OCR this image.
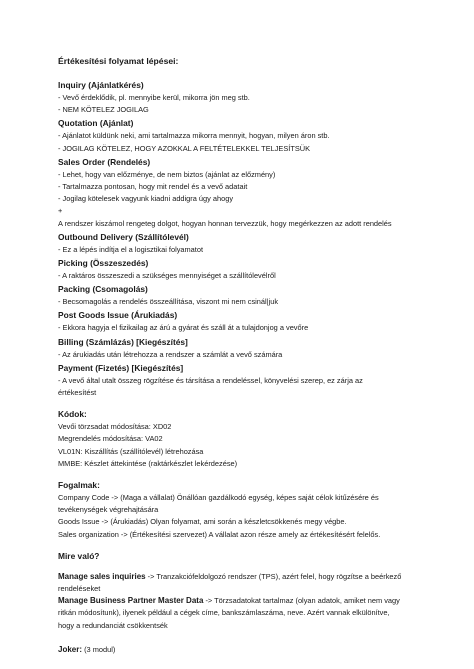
Értékesítési folyamat lépései:
Inquiry (Ajánlatkérés)
- Vevő érdeklődik, pl. mennyibe kerül, mikorra jön meg stb.
- NEM KÖTELEZ JOGILAG
Quotation (Ajánlat)
- Ajánlatot küldünk neki, ami tartalmazza mikorra mennyit, hogyan, milyen áron stb.
- JOGILAG KÖTELEZ, HOGY AZOKKAL A FELTÉTELEKKEL TELJESÍTSÜK
Sales Order (Rendelés)
- Lehet, hogy van előzménye, de nem biztos (ajánlat az előzmény)
- Tartalmazza pontosan, hogy mit rendel és a vevő adatait
- Jogilag kötelesek vagyunk kiadni addigra úgy ahogy
+
A rendszer kiszámol rengeteg dolgot, hogyan honnan tervezzük, hogy megérkezzen az adott rendelés
Outbound Delivery (Szállítólevél)
- Ez a lépés indítja el a logisztikai folyamatot
Picking (Összeszedés)
- A raktáros összeszedi a szükséges mennyiséget a szállítólevélről
Packing (Csomagolás)
- Becsomagolás a rendelés összeállítása, viszont mi nem csinál|juk
Post Goods Issue (Árukiadás)
- Ekkora hagyja el fizikailag az árú a gyárat és száll át a tulajdonjog a vevőre
Billing (Számlázás) [Kiegészítés]
- Az árukiadás után létrehozza a rendszer a számlát a vevő számára
Payment (Fizetés) [Kiegészítés]
- A vevő által utalt összeg rögzítése és társítása a rendeléssel, könyvelési szerep, ez zárja az
értékesítést
Kódok:
Vevői törzsadat módosítása: XD02
Megrendelés módosítása: VA02
VL01N: Kiszállítás (szállítólevél) létrehozása
MMBE: Készlet áttekintése (raktárkészlet lekérdezése)
Fogalmak:
Company Code -> (Maga a vállalat) Önállóan gazdálkodó egység, képes saját célok kitűzésére és
tevékenységek végrehajtására
Goods Issue -> (Árukiadás) Olyan folyamat, ami során a készletcsökkenés megy végbe.
Sales organization -> (Értékesítési szervezet) A vállalat azon része amely az értékesítésért felelős.
Mire való?
Manage sales inquiries -> Tranzakciófeldolgozó rendszer (TPS), azért felel, hogy rögzítse a beérkező
rendeléseket
Manage Business Partner Master Data -> Törzsadatokat tartalmaz (olyan adatok, amiket nem vagy
ritkán módosítunk), ilyenek például a cégek címe, bankszámlaszáma, neve. Azért vannak elkülönítve,
hogy a redundanciát csökkentsék
Joker: (3 modul)
